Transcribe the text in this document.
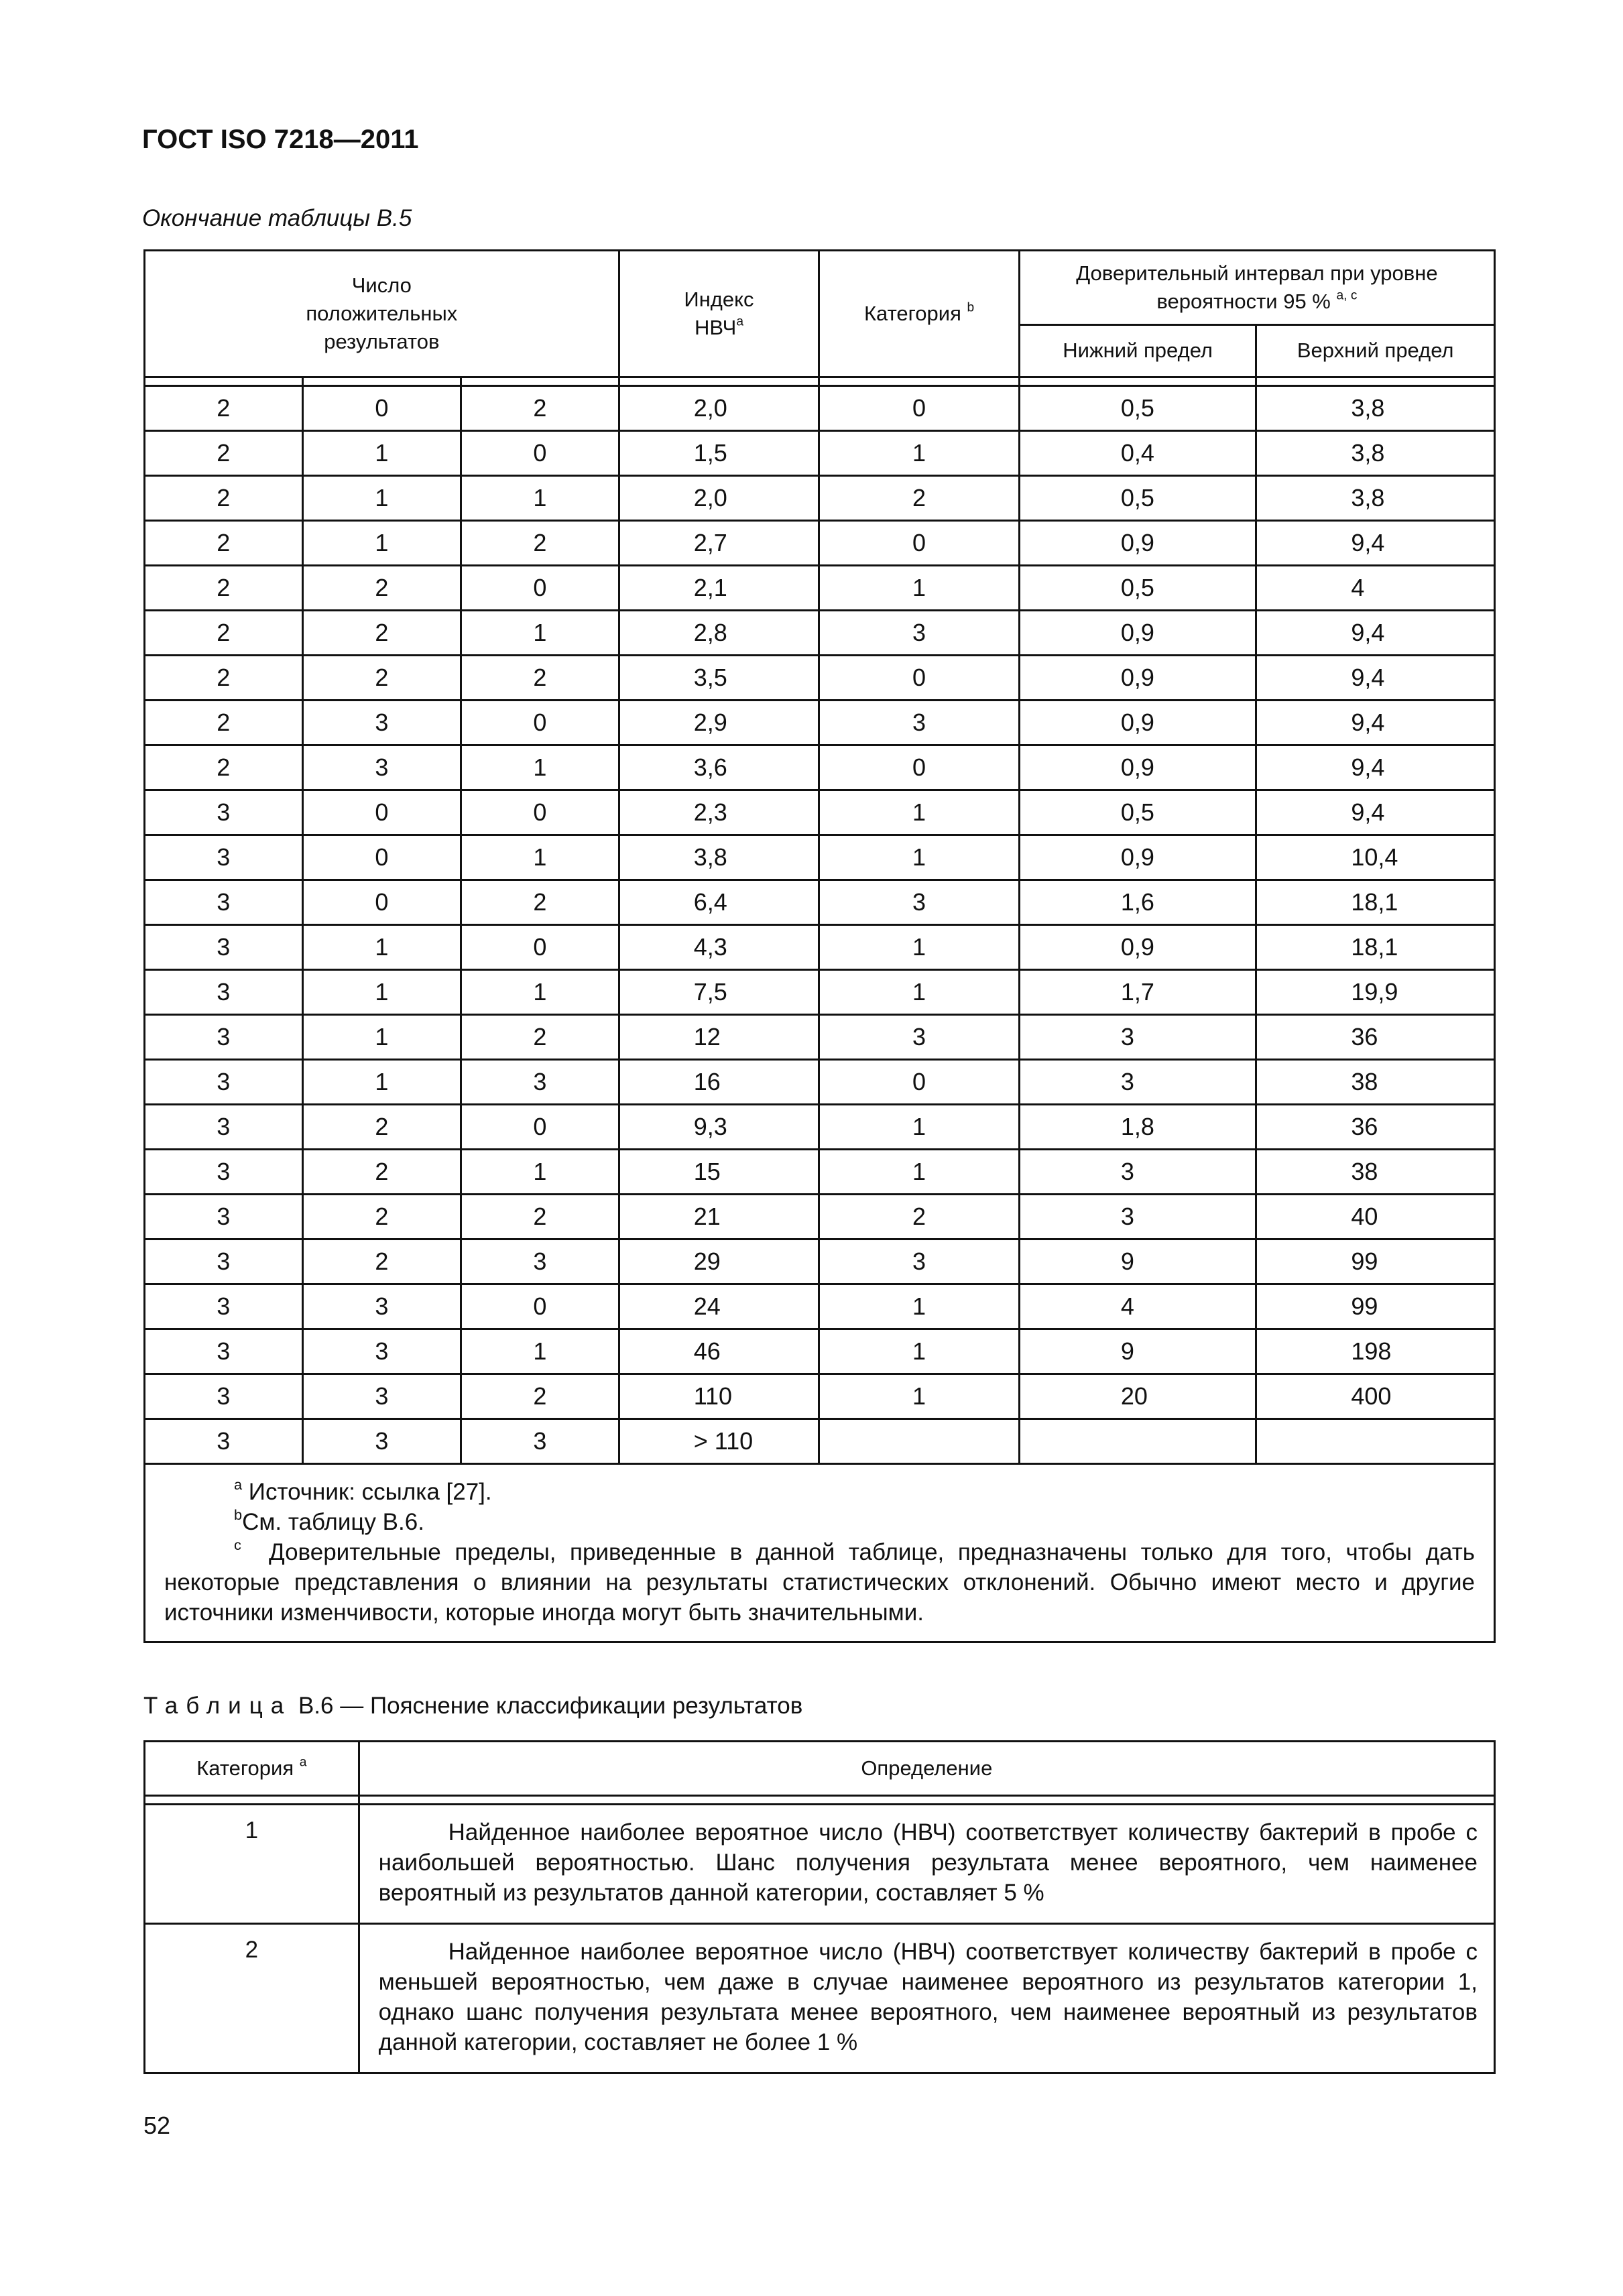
ГОСТ ISO 7218—2011
Окончание таблицы В.5
Число положительных результатов			Индекс НВЧ$^a$	Категория $^b$	Доверительный интервал при уровне вероятности 95 % $^{a, c}$

					Нижний предел	Верхний предел

2	0	2	2,0	0	0,5	3,8
2	1	0	1,5	1	0,4	3,8
2	1	1	2,0	2	0,5	3,8
2	1	2	2,7	0	0,9	9,4
2	2	0	2,1	1	0,5	4
2	2	1	2,8	3	0,9	9,4
2	2	2	3,5	0	0,9	9,4
2	3	0	2,9	3	0,9	9,4
2	3	1	3,6	0	0,9	9,4
3	0	0	2,3	1	0,5	9,4
3	0	1	3,8	1	0,9	10,4
3	0	2	6,4	3	1,6	18,1
3	1	0	4,3	1	0,9	18,1
3	1	1	7,5	1	1,7	19,9
3	1	2	12	3	3	36
3	1	3	16	0	3	38
3	2	0	9,3	1	1,8	36
3	2	1	15	1	3	38
3	2	2	21	2	3	40
3	2	3	29	3	9	99
3	3	0	24	1	4	99
3	3	1	46	1	9	198
3	3	2	110	1	20	400
3	3	3	> 110			

$^a$ Источник: ссылка [27].
$^b$См. таблицу В.6.
$^c$ Доверительные пределы, приведенные в данной таблице, предназначены только для того, чтобы дать некоторые представления о влиянии на результаты статистических отклонений. Обычно имеют место и другие источники изменчивости, которые иногда могут быть значительными.						
Таблица В.6 — Пояснение классификации результатов
Категория $^a$	Определение

1	Найденное наиболее вероятное число (НВЧ) соответствует количеству бактерий в пробе с наибольшей вероятностью. Шанс получения результата менее вероятного, чем наименее вероятный из результатов данной категории, составляет 5 %

2	Найденное наиболее вероятное число (НВЧ) соответствует количеству бактерий в пробе с меньшей вероятностью, чем даже в случае наименее вероятного из результатов категории 1, однако шанс получения результата менее вероятного, чем наименее вероятный из результатов данной категории, составляет не более 1 %
52
